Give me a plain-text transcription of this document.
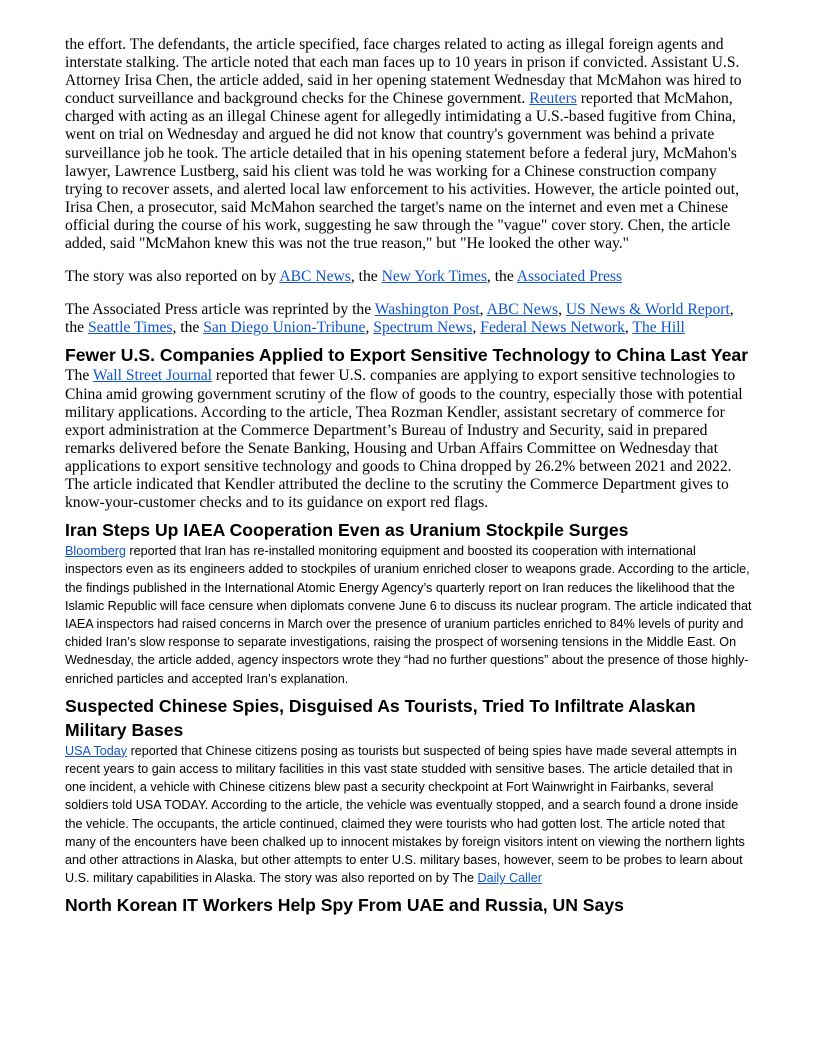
the effort. The defendants, the article specified, face charges related to acting as illegal foreign agents and interstate stalking. The article noted that each man faces up to 10 years in prison if convicted. Assistant U.S. Attorney Irisa Chen, the article added, said in her opening statement Wednesday that McMahon was hired to conduct surveillance and background checks for the Chinese government. Reuters reported that McMahon, charged with acting as an illegal Chinese agent for allegedly intimidating a U.S.-based fugitive from China, went on trial on Wednesday and argued he did not know that country's government was behind a private surveillance job he took. The article detailed that in his opening statement before a federal jury, McMahon's lawyer, Lawrence Lustberg, said his client was told he was working for a Chinese construction company trying to recover assets, and alerted local law enforcement to his activities. However, the article pointed out, Irisa Chen, a prosecutor, said McMahon searched the target's name on the internet and even met a Chinese official during the course of his work, suggesting he saw through the "vague" cover story. Chen, the article added, said "McMahon knew this was not the true reason," but "He looked the other way."

The story was also reported on by ABC News, the New York Times, the Associated Press

The Associated Press article was reprinted by the Washington Post, ABC News, US News & World Report, the Seattle Times, the San Diego Union-Tribune, Spectrum News, Federal News Network, The Hill

Fewer U.S. Companies Applied to Export Sensitive Technology to China Last Year

The Wall Street Journal reported that fewer U.S. companies are applying to export sensitive technologies to China amid growing government scrutiny of the flow of goods to the country, especially those with potential military applications. According to the article, Thea Rozman Kendler, assistant secretary of commerce for export administration at the Commerce Department’s Bureau of Industry and Security, said in prepared remarks delivered before the Senate Banking, Housing and Urban Affairs Committee on Wednesday that applications to export sensitive technology and goods to China dropped by 26.2% between 2021 and 2022. The article indicated that Kendler attributed the decline to the scrutiny the Commerce Department gives to know-your-customer checks and to its guidance on export red flags.

Iran Steps Up IAEA Cooperation Even as Uranium Stockpile Surges

Bloomberg reported that Iran has re-installed monitoring equipment and boosted its cooperation with international inspectors even as its engineers added to stockpiles of uranium enriched closer to weapons grade. According to the article, the findings published in the International Atomic Energy Agency’s quarterly report on Iran reduces the likelihood that the Islamic Republic will face censure when diplomats convene June 6 to discuss its nuclear program. The article indicated that IAEA inspectors had raised concerns in March over the presence of uranium particles enriched to 84% levels of purity and chided Iran’s slow response to separate investigations, raising the prospect of worsening tensions in the Middle East. On Wednesday, the article added, agency inspectors wrote they “had no further questions” about the presence of those highly-enriched particles and accepted Iran’s explanation.

Suspected Chinese Spies, Disguised As Tourists, Tried To Infiltrate Alaskan Military Bases

USA Today reported that Chinese citizens posing as tourists but suspected of being spies have made several attempts in recent years to gain access to military facilities in this vast state studded with sensitive bases. The article detailed that in one incident, a vehicle with Chinese citizens blew past a security checkpoint at Fort Wainwright in Fairbanks, several soldiers told USA TODAY. According to the article, the vehicle was eventually stopped, and a search found a drone inside the vehicle. The occupants, the article continued, claimed they were tourists who had gotten lost. The article noted that many of the encounters have been chalked up to innocent mistakes by foreign visitors intent on viewing the northern lights and other attractions in Alaska, but other attempts to enter U.S. military bases, however, seem to be probes to learn about U.S. military capabilities in Alaska. The story was also reported on by The Daily Caller

North Korean IT Workers Help Spy From UAE and Russia, UN Says
